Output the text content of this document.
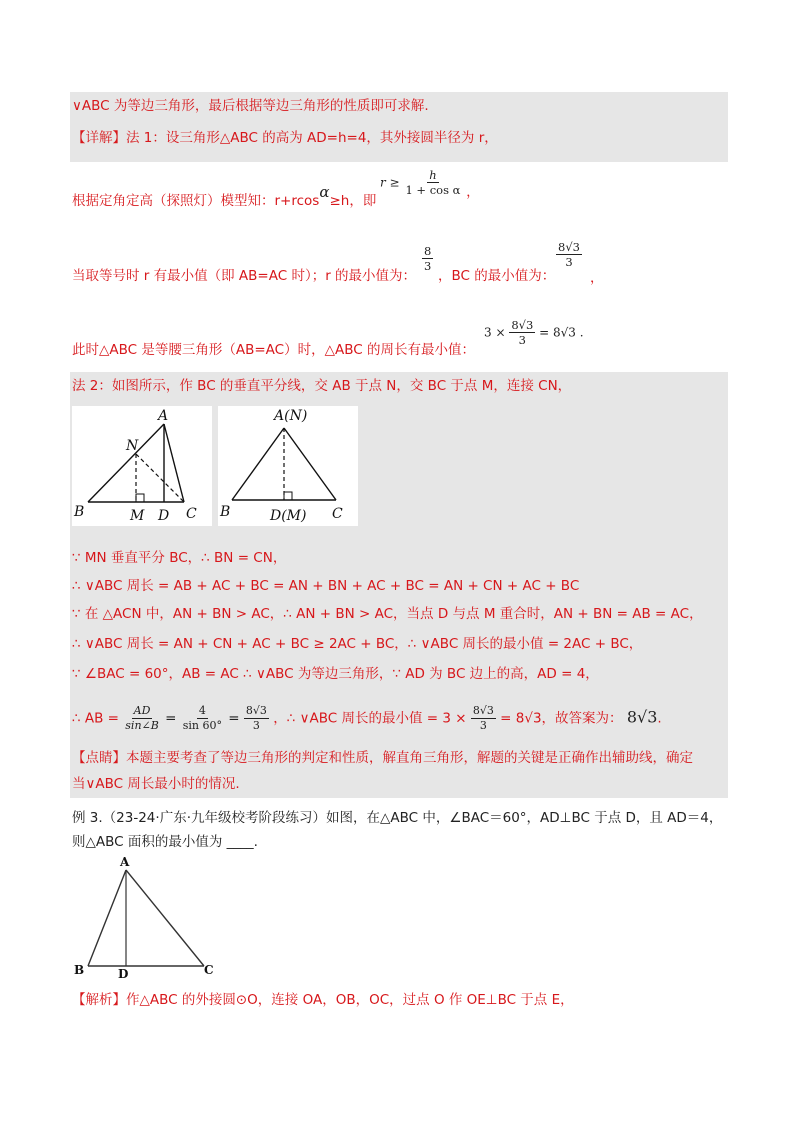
∨ABC 为等边三角形，最后根据等边三角形的性质即可求解.
【详解】法 1：设三角形△ABC 的高为 AD=h=4，其外接圆半径为 r，
根据定角定高（探照灯）模型知：r+rcosα≥h，即
$r \ge \frac{h}{\text{1 + cos α}}$ ，
当取等号时 r 有最小值（即 AB=AC 时）；r 的最小值为：
$\frac{8}{3}$
，BC 的最小值为：
$\frac{8√3}{3}$
，
此时△ABC 是等腰三角形（AB=AC）时，△ABC 的周长有最小值：
$3 \times \frac{8√3}{3} = 8√3$ .
法 2：如图所示，作 BC 的垂直平分线，交 AB 于点 N，交 BC 于点 M，连接 CN，
A
N
B	M D C
A(N)
B	D(M) C
∵ MN 垂直平分 BC，∴ BN = CN，
∴ ∨ABC 周长 = AB + AC + BC = AN + BN + AC + BC = AN + CN + AC + BC
∵ 在 △ACN 中，AN + BN > AC，∴ AN + BN > AC，当点 D 与点 M 重合时，AN + BN = AB = AC，
∴ ∨ABC 周长 = AN + CN + AC + BC ≥ 2AC + BC，∴ ∨ABC 周长的最小值 = 2AC + BC，
∵ ∠BAC = 60°，AB = AC ∴ ∨ABC 为等边三角形，∵ AD 为 BC 边上的高，AD = 4，
∴ AB = $\frac{AD}{\sin\angle B} = \frac{4}{\sin 60^\circ} = \frac{8√3}{3}$ ，∴ ∨ABC 周长的最小值 = $3 \times \frac{8√3}{3} = 8√3$，故答案为： 8√3.
【点睛】本题主要考查了等边三角形的判定和性质，解直角三角形，解题的关键是正确作出辅助线，确定
当∨ABC 周长最小时的情况.
例 3.（23-24·广东·九年级校考阶段练习）如图，在△ABC 中，∠BAC＝60°，AD⊥BC 于点 D，且 AD＝4，
则△ABC 面积的最小值为 ____.
A
B	D	C
【解析】作△ABC 的外接圆⊙O，连接 OA，OB，OC，过点 O 作 OE⊥BC 于点 E，
